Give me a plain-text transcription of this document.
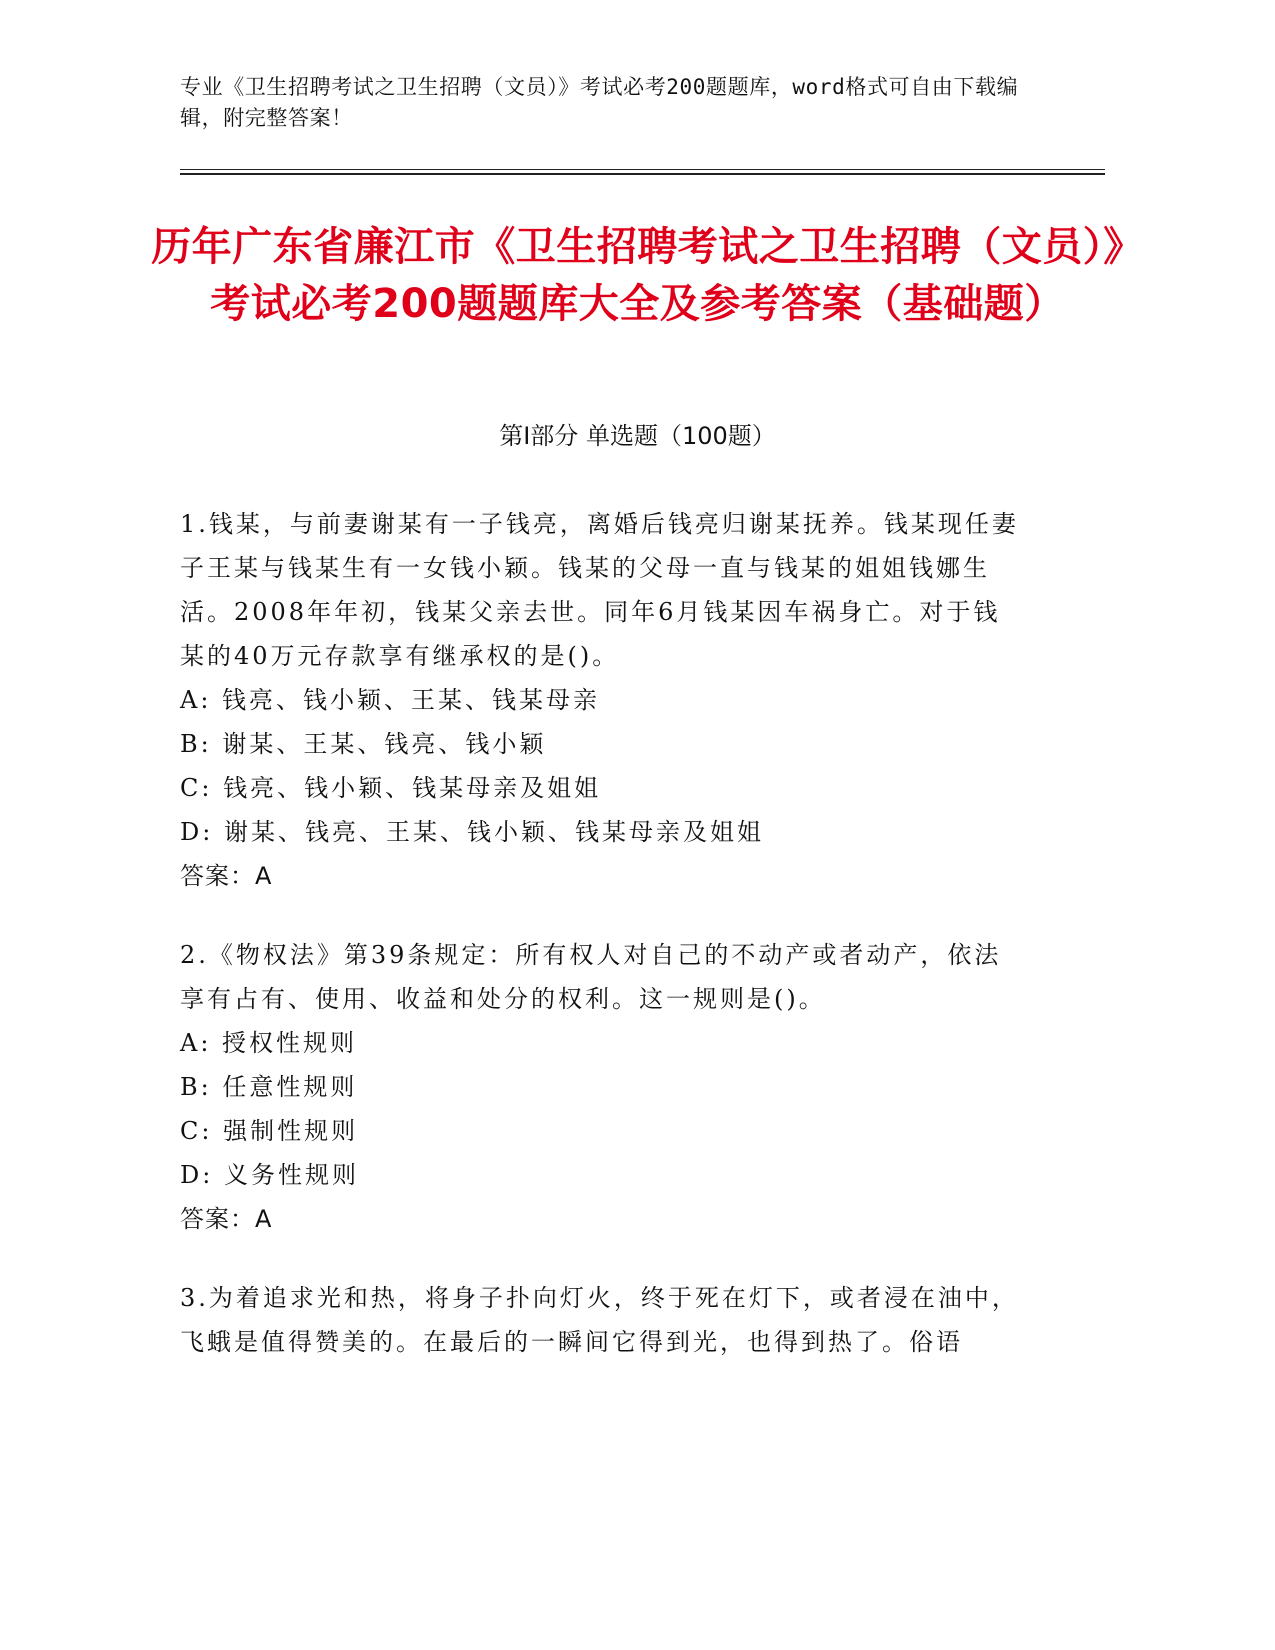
专业《卫生招聘考试之卫生招聘（文员）》考试必考200题题库，word格式可自由下载编辑，附完整答案！
历年广东省廉江市《卫生招聘考试之卫生招聘（文员）》考试必考200题题库大全及参考答案（基础题）
第Ⅰ部分 单选题（100题）
1.钱某，与前妻谢某有一子钱亮，离婚后钱亮归谢某抚养。钱某现任妻子王某与钱某生有一女钱小颖。钱某的父母一直与钱某的姐姐钱娜生活。2008年年初，钱某父亲去世。同年6月钱某因车祸身亡。对于钱某的40万元存款享有继承权的是()。
A: 钱亮、钱小颖、王某、钱某母亲
B: 谢某、王某、钱亮、钱小颖
C: 钱亮、钱小颖、钱某母亲及姐姐
D: 谢某、钱亮、王某、钱小颖、钱某母亲及姐姐
答案：A
2.《物权法》第39条规定：所有权人对自己的不动产或者动产，依法享有占有、使用、收益和处分的权利。这一规则是()。
A: 授权性规则
B: 任意性规则
C: 强制性规则
D: 义务性规则
答案：A
3.为着追求光和热，将身子扑向灯火，终于死在灯下，或者浸在油中，飞蛾是值得赞美的。在最后的一瞬间它得到光，也得到热了。俗语
